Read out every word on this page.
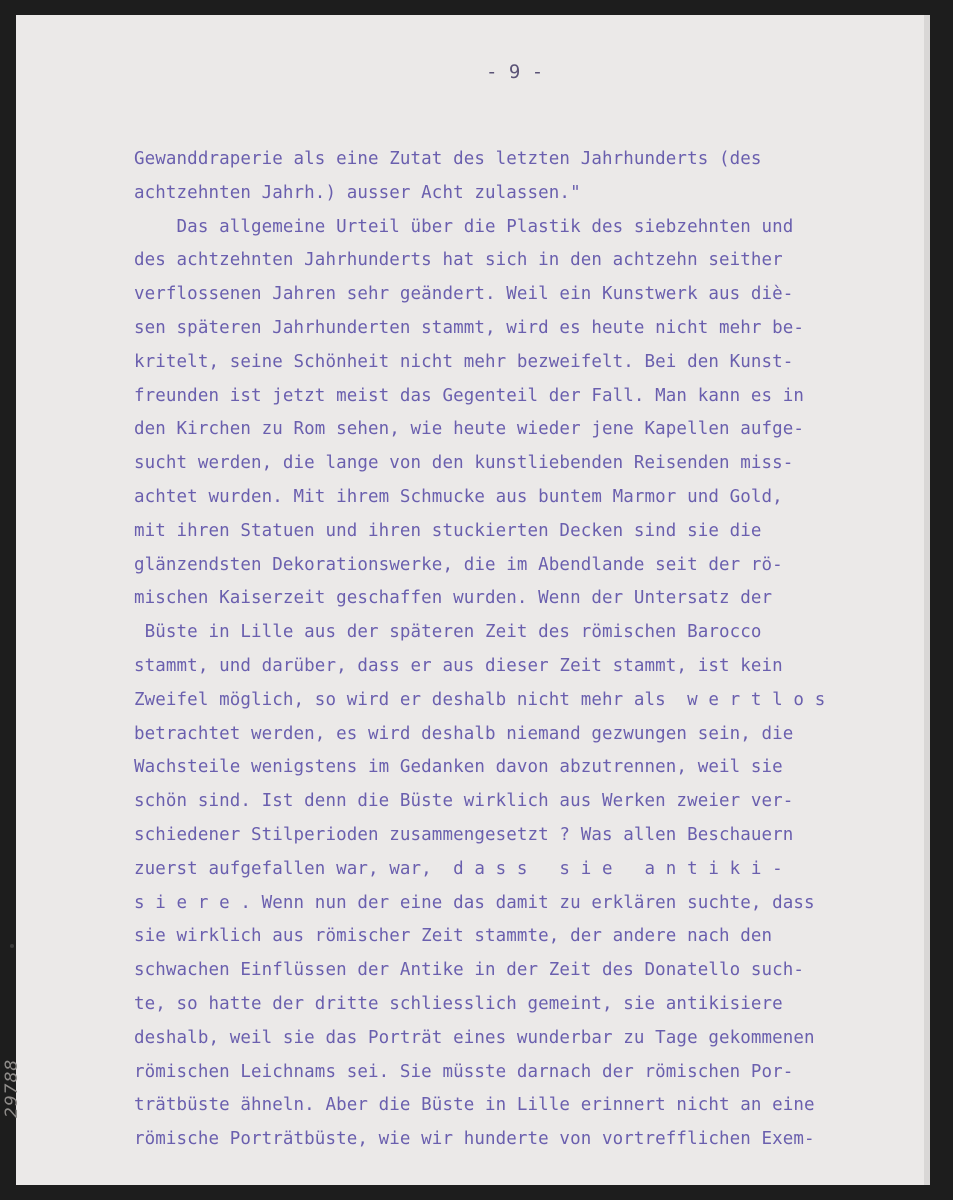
- 9 -
Gewanddraperie als eine Zutat des letzten Jahrhunderts (des
achtzehnten Jahrh.) ausser Acht zulassen."
Das allgemeine Urteil über die Plastik des siebzehnten und
des achtzehnten Jahrhunderts hat sich in den achtzehn seither
verflossenen Jahren sehr geändert. Weil ein Kunstwerk aus diè-
sen späteren Jahrhunderten stammt, wird es heute nicht mehr be-
kritelt, seine Schönheit nicht mehr bezweifelt. Bei den Kunst-
freunden ist jetzt meist das Gegenteil der Fall. Man kann es in
den Kirchen zu Rom sehen, wie heute wieder jene Kapellen aufge-
sucht werden, die lange von den kunstliebenden Reisenden miss-
achtet wurden. Mit ihrem Schmucke aus buntem Marmor und Gold,
mit ihren Statuen und ihren stuckierten Decken sind sie die
glänzendsten Dekorationswerke, die im Abendlande seit der rö-
mischen Kaiserzeit geschaffen wurden. Wenn der Untersatz der
Büste in Lille aus der späteren Zeit des römischen Barocco
stammt, und darüber, dass er aus dieser Zeit stammt, ist kein
Zweifel möglich, so wird er deshalb nicht mehr als  w e r t l o s
betrachtet werden, es wird deshalb niemand gezwungen sein, die
Wachsteile wenigstens im Gedanken davon abzutrennen, weil sie
schön sind. Ist denn die Büste wirklich aus Werken zweier ver-
schiedener Stilperioden zusammengesetzt ? Was allen Beschauern
zuerst aufgefallen war, war,  d a s s   s i e   a n t i k i -
s i e r e . Wenn nun der eine das damit zu erklären suchte, dass
sie wirklich aus römischer Zeit stammte, der andere nach den
schwachen Einflüssen der Antike in der Zeit des Donatello such-
te, so hatte der dritte schliesslich gemeint, sie antikisiere
deshalb, weil sie das Porträt eines wunderbar zu Tage gekommenen
römischen Leichnams sei. Sie müsste darnach der römischen Por-
trätbüste ähneln. Aber die Büste in Lille erinnert nicht an eine
römische Porträtbüste, wie wir hunderte von vortrefflichen Exem-
29788
